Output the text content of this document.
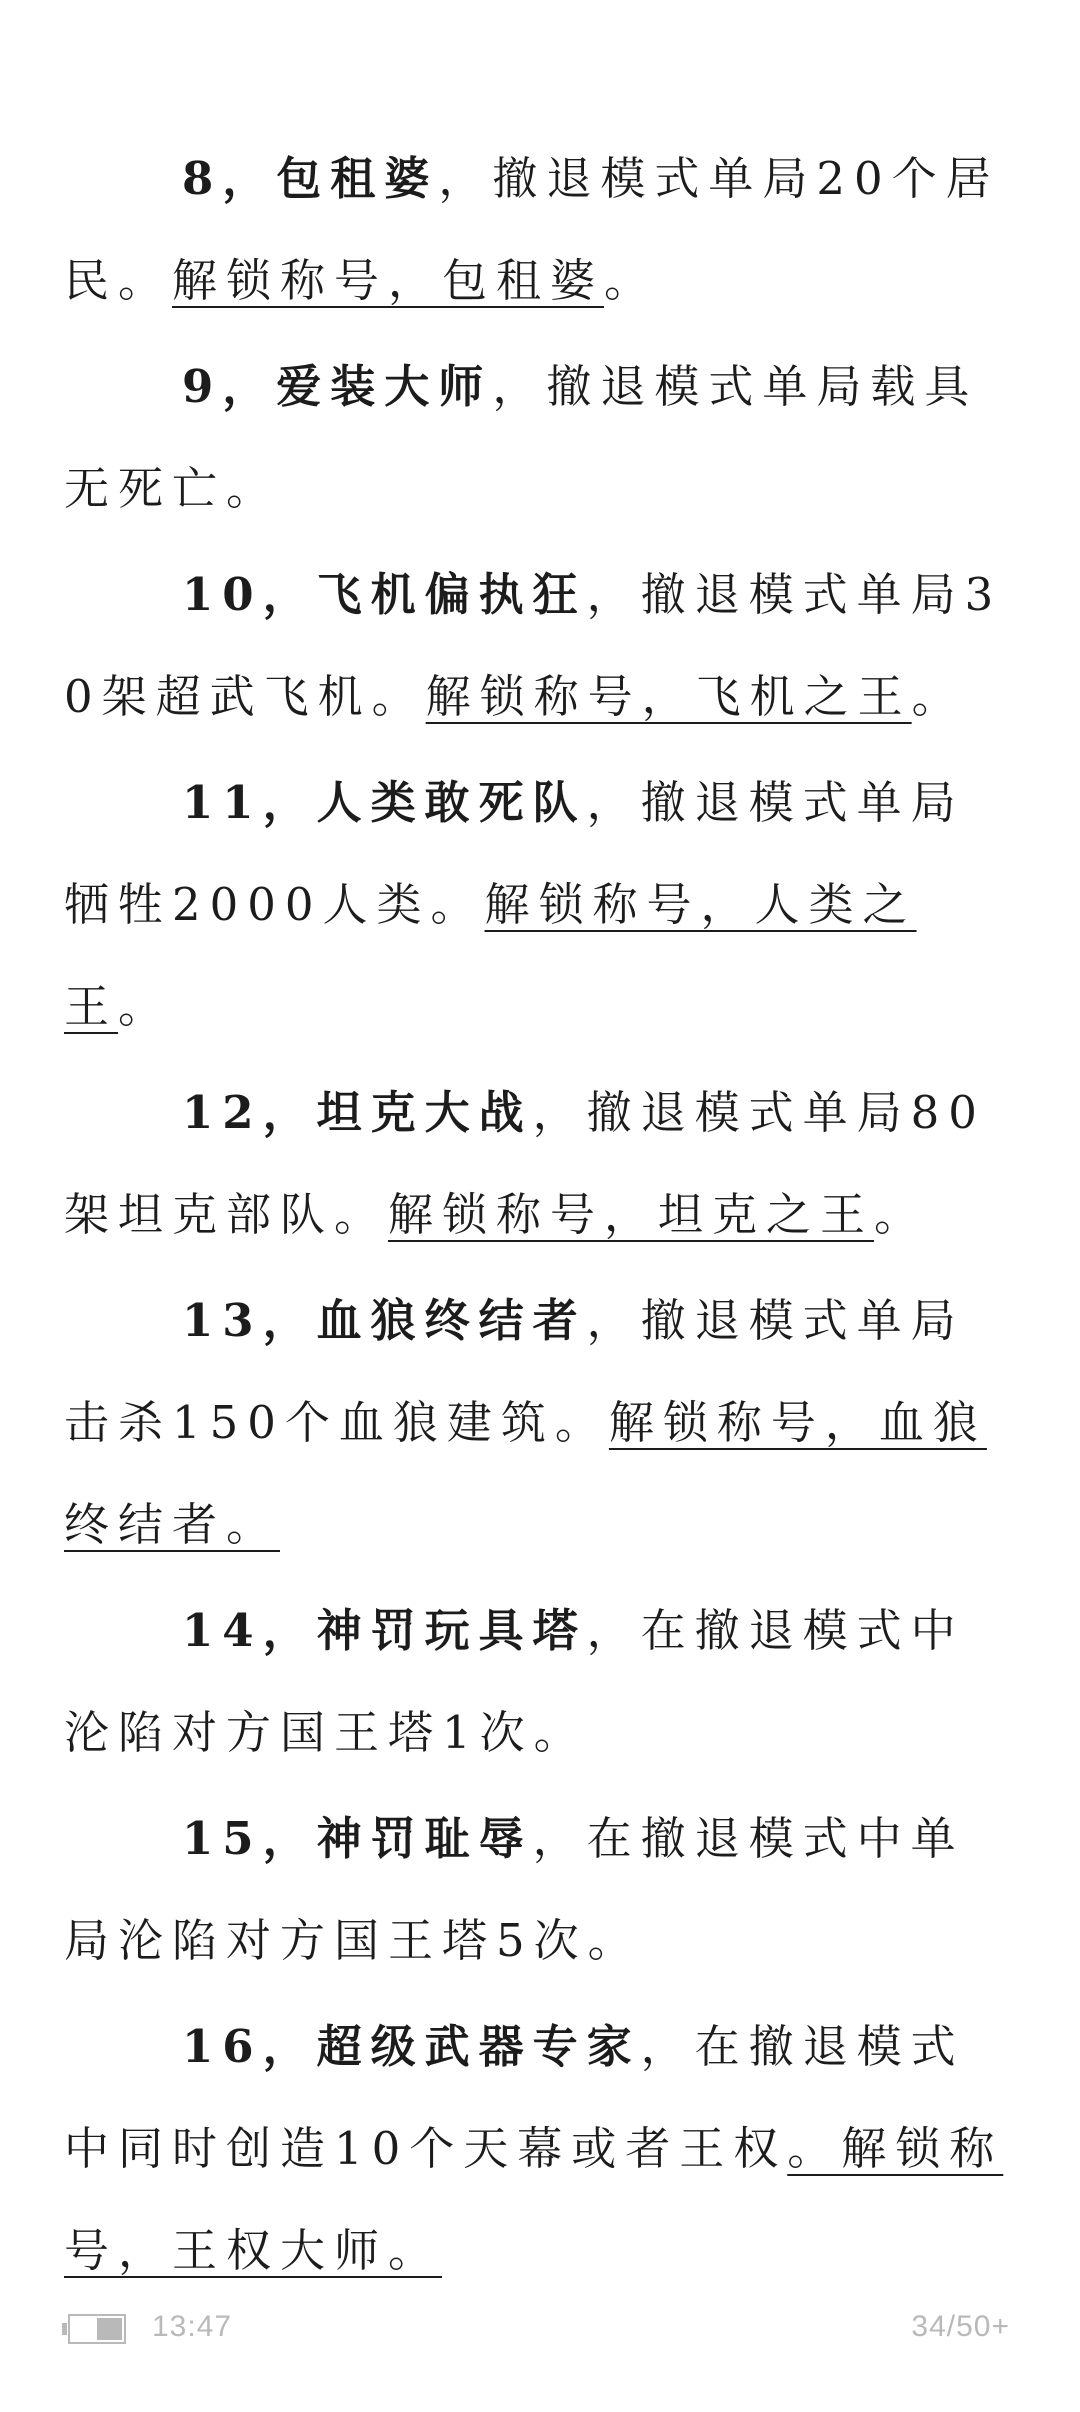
8，包租婆，撤退模式单局20个居民。解锁称号，包租婆。

9，爱装大师，撤退模式单局载具无死亡。

10，飞机偏执狂，撤退模式单局30架超武飞机。解锁称号，飞机之王。

11，人类敢死队，撤退模式单局牺牲2000人类。解锁称号，人类之王。

12，坦克大战，撤退模式单局80架坦克部队。解锁称号，坦克之王。

13，血狼终结者，撤退模式单局击杀150个血狼建筑。解锁称号，血狼终结者。

14，神罚玩具塔，在撤退模式中沦陷对方国王塔1次。

15，神罚耻辱，在撤退模式中单局沦陷对方国王塔5次。

16，超级武器专家，在撤退模式中同时创造10个天幕或者王权。解锁称号，王权大师。

13:47	34/50+
